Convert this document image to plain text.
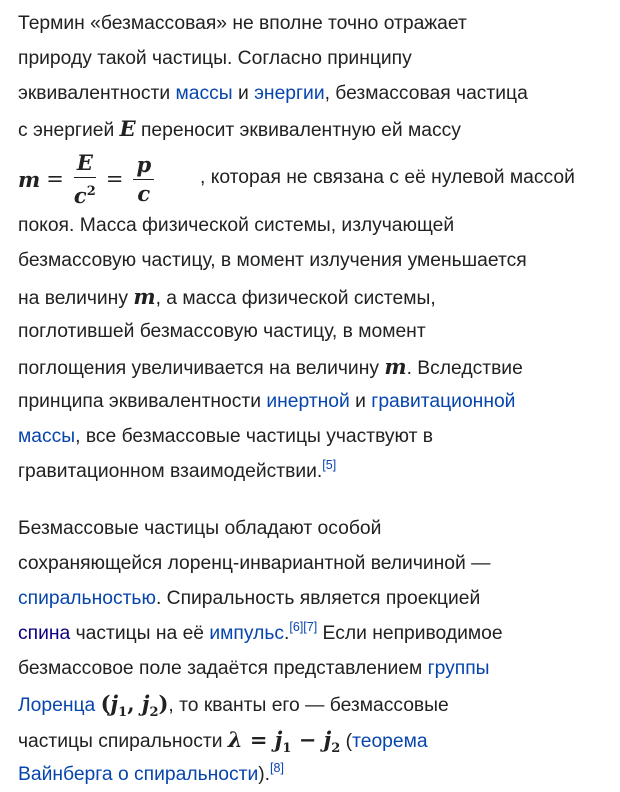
Термин «безмассовая» не вполне точно отражает
природу такой частицы. Согласно принципу
эквивалентности массы и энергии, безмассовая частица
с энергией E переносит эквивалентную ей массу
$m = \frac{E}{c^2} = \frac{p}{c}$ , которая не связана с её нулевой массой
покоя. Масса физической системы, излучающей
безмассовую частицу, в момент излучения уменьшается
на величину m, а масса физической системы,
поглотившей безмассовую частицу, в момент
поглощения увеличивается на величину m. Вследствие
принципа эквивалентности инертной и гравитационной
массы, все безмассовые частицы участвуют в
гравитационном взаимодействии.[5]
Безмассовые частицы обладают особой
сохраняющейся лоренц-инвариантной величиной —
спиральностью. Спиральность является проекцией
спина частицы на её импульс.[6][7] Если неприводимое
безмассовое поле задаётся представлением группы
Лоренца ($j_1$, $j_2$), то кванты его — безмассовые
частицы спиральности $\lambda = j_1 - j_2$ (теорема
Вайнберга о спиральности).[8]
